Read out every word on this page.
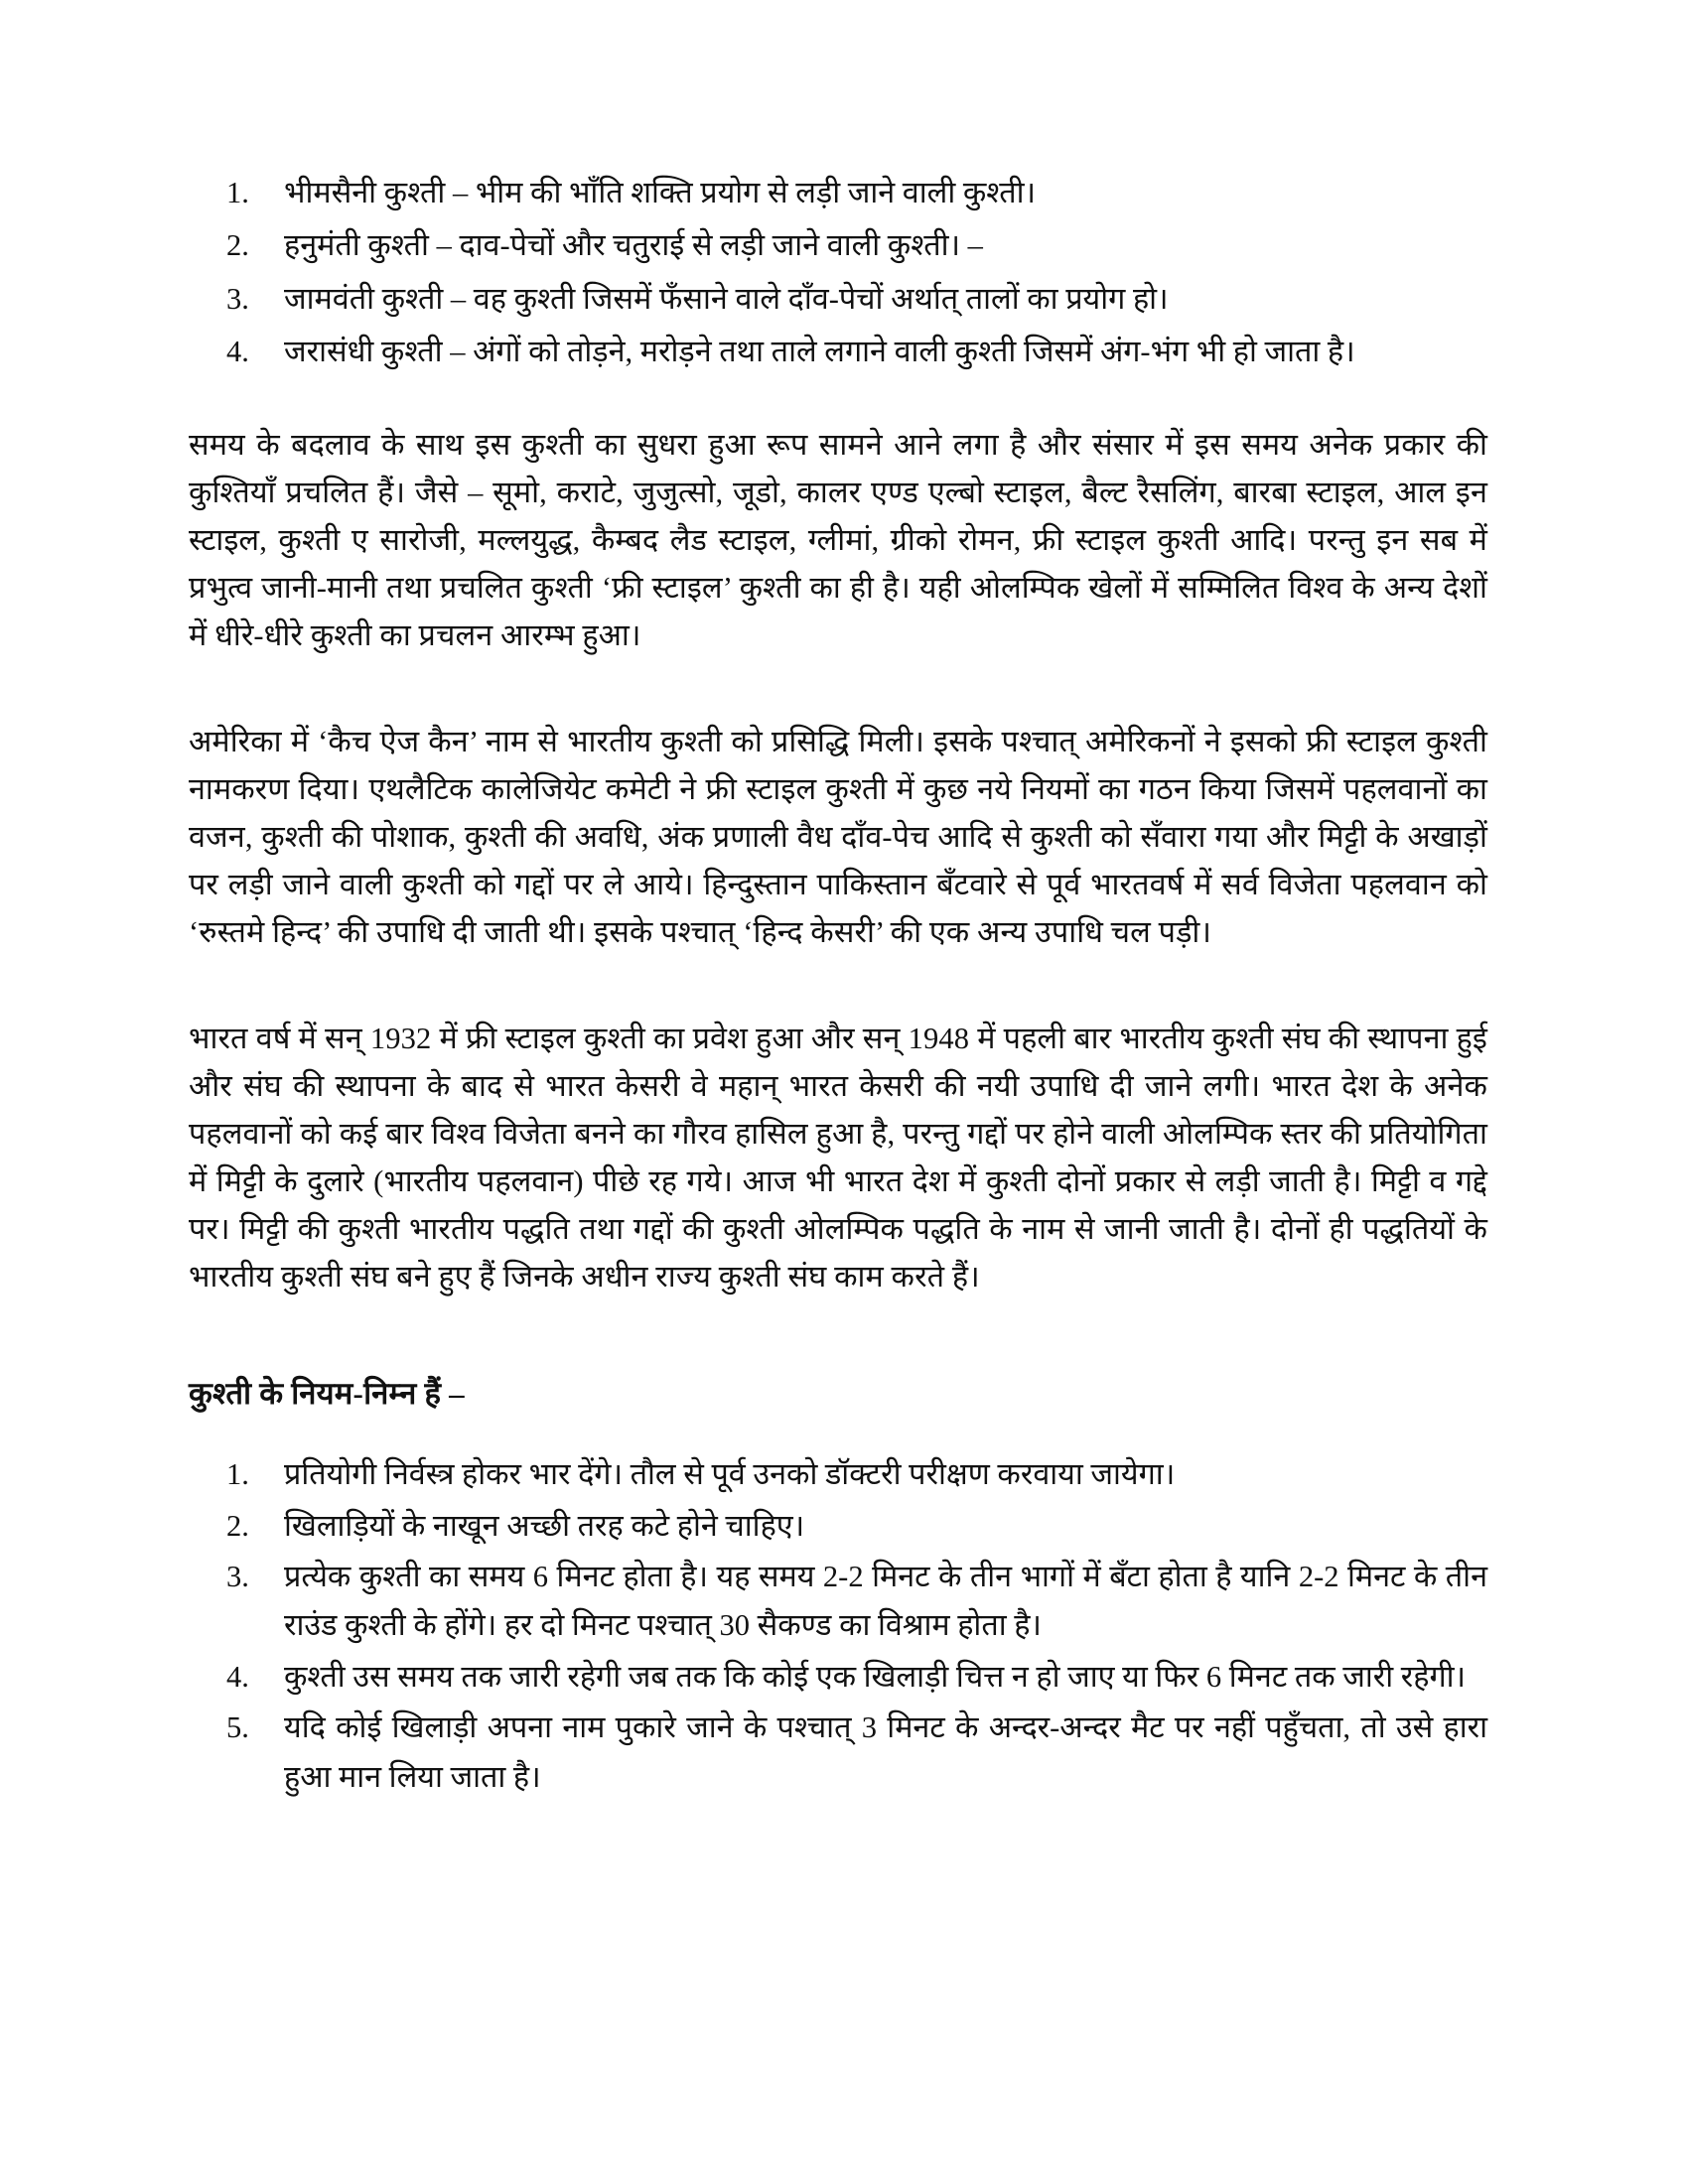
भीमसैनी कुश्ती – भीम की भाँति शक्ति प्रयोग से लड़ी जाने वाली कुश्ती।
हनुमंती कुश्ती – दाव-पेचों और चतुराई से लड़ी जाने वाली कुश्ती। –
जामवंती कुश्ती – वह कुश्ती जिसमें फँसाने वाले दाँव-पेचों अर्थात् तालों का प्रयोग हो।
जरासंधी कुश्ती – अंगों को तोड़ने, मरोड़ने तथा ताले लगाने वाली कुश्ती जिसमें अंग-भंग भी हो जाता है।

समय के बदलाव के साथ इस कुश्ती का सुधरा हुआ रूप सामने आने लगा है और संसार में इस समय अनेक प्रकार की कुश्तियाँ प्रचलित हैं। जैसे – सूमो, कराटे, जुजुत्सो, जूडो, कालर एण्ड एल्बो स्टाइल, बैल्ट रैसलिंग, बारबा स्टाइल, आल इन स्टाइल, कुश्ती ए सारोजी, मल्लयुद्ध, कैम्बद लैड स्टाइल, ग्लीमां, ग्रीको रोमन, फ्री स्टाइल कुश्ती आदि। परन्तु इन सब में प्रभुत्व जानी-मानी तथा प्रचलित कुश्ती ‘फ्री स्टाइल’ कुश्ती का ही है। यही ओलम्पिक खेलों में सम्मिलित विश्व के अन्य देशों में धीरे-धीरे कुश्ती का प्रचलन आरम्भ हुआ।

अमेरिका में ‘कैच ऐज कैन’ नाम से भारतीय कुश्ती को प्रसिद्धि मिली। इसके पश्चात् अमेरिकनों ने इसको फ्री स्टाइल कुश्ती नामकरण दिया। एथलैटिक कालेजियेट कमेटी ने फ्री स्टाइल कुश्ती में कुछ नये नियमों का गठन किया जिसमें पहलवानों का वजन, कुश्ती की पोशाक, कुश्ती की अवधि, अंक प्रणाली वैध दाँव-पेच आदि से कुश्ती को सँवारा गया और मिट्टी के अखाड़ों पर लड़ी जाने वाली कुश्ती को गद्दों पर ले आये। हिन्दुस्तान पाकिस्तान बँटवारे से पूर्व भारतवर्ष में सर्व विजेता पहलवान को ‘रुस्तमे हिन्द’ की उपाधि दी जाती थी। इसके पश्चात् ‘हिन्द केसरी’ की एक अन्य उपाधि चल पड़ी।

भारत वर्ष में सन् 1932 में फ्री स्टाइल कुश्ती का प्रवेश हुआ और सन् 1948 में पहली बार भारतीय कुश्ती संघ की स्थापना हुई और संघ की स्थापना के बाद से भारत केसरी वे महान् भारत केसरी की नयी उपाधि दी जाने लगी। भारत देश के अनेक पहलवानों को कई बार विश्व विजेता बनने का गौरव हासिल हुआ है, परन्तु गद्दों पर होने वाली ओलम्पिक स्तर की प्रतियोगिता में मिट्टी के दुलारे (भारतीय पहलवान) पीछे रह गये। आज भी भारत देश में कुश्ती दोनों प्रकार से लड़ी जाती है। मिट्टी व गद्दे पर। मिट्टी की कुश्ती भारतीय पद्धति तथा गद्दों की कुश्ती ओलम्पिक पद्धति के नाम से जानी जाती है। दोनों ही पद्धतियों के भारतीय कुश्ती संघ बने हुए हैं जिनके अधीन राज्य कुश्ती संघ काम करते हैं।

कुश्ती के नियम-निम्न हैं –

प्रतियोगी निर्वस्त्र होकर भार देंगे। तौल से पूर्व उनको डॉक्टरी परीक्षण करवाया जायेगा।
खिलाड़ियों के नाखून अच्छी तरह कटे होने चाहिए।
प्रत्येक कुश्ती का समय 6 मिनट होता है। यह समय 2-2 मिनट के तीन भागों में बँटा होता है यानि 2-2 मिनट के तीन राउंड कुश्ती के होंगे। हर दो मिनट पश्चात् 30 सैकण्ड का विश्राम होता है।
कुश्ती उस समय तक जारी रहेगी जब तक कि कोई एक खिलाड़ी चित्त न हो जाए या फिर 6 मिनट तक जारी रहेगी।
यदि कोई खिलाड़ी अपना नाम पुकारे जाने के पश्चात् 3 मिनट के अन्दर-अन्दर मैट पर नहीं पहुँचता, तो उसे हारा हुआ मान लिया जाता है।
